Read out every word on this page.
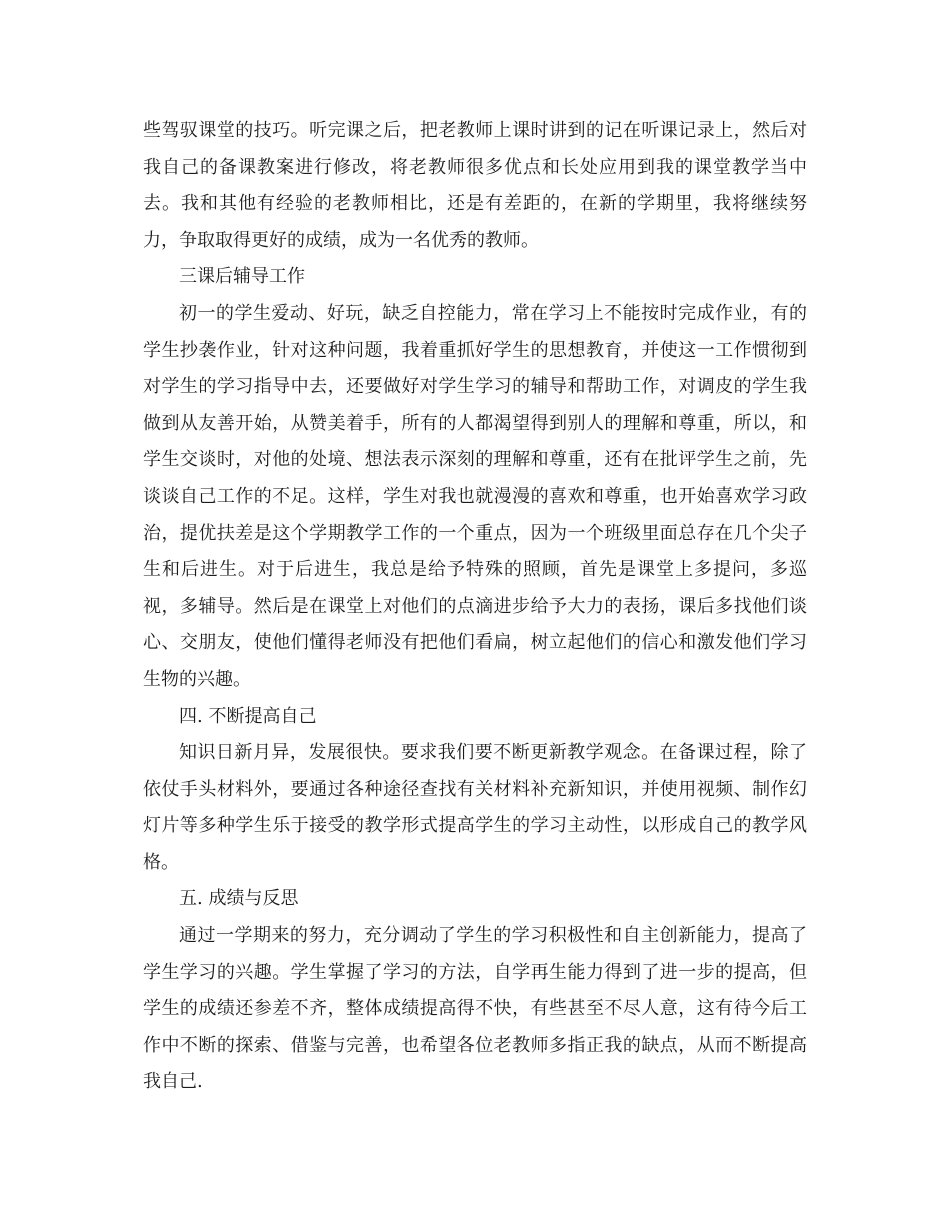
些驾驭课堂的技巧。听完课之后，把老教师上课时讲到的记在听课记录上，然后对我自己的备课教案进行修改，将老教师很多优点和长处应用到我的课堂教学当中去。我和其他有经验的老教师相比，还是有差距的，在新的学期里，我将继续努力，争取取得更好的成绩，成为一名优秀的教师。

三课后辅导工作

初一的学生爱动、好玩，缺乏自控能力，常在学习上不能按时完成作业，有的学生抄袭作业，针对这种问题，我着重抓好学生的思想教育，并使这一工作惯彻到对学生的学习指导中去，还要做好对学生学习的辅导和帮助工作，对调皮的学生我做到从友善开始，从赞美着手，所有的人都渴望得到别人的理解和尊重，所以，和学生交谈时，对他的处境、想法表示深刻的理解和尊重，还有在批评学生之前，先谈谈自己工作的不足。这样，学生对我也就漫漫的喜欢和尊重，也开始喜欢学习政治，提优扶差是这个学期教学工作的一个重点，因为一个班级里面总存在几个尖子生和后进生。对于后进生，我总是给予特殊的照顾，首先是课堂上多提问，多巡视，多辅导。然后是在课堂上对他们的点滴进步给予大力的表扬，课后多找他们谈心、交朋友，使他们懂得老师没有把他们看扁，树立起他们的信心和激发他们学习生物的兴趣。

四. 不断提高自己

知识日新月异，发展很快。要求我们要不断更新教学观念。在备课过程，除了依仗手头材料外，要通过各种途径查找有关材料补充新知识，并使用视频、制作幻灯片等多种学生乐于接受的教学形式提高学生的学习主动性，以形成自己的教学风格。

五. 成绩与反思

通过一学期来的努力，充分调动了学生的学习积极性和自主创新能力，提高了学生学习的兴趣。学生掌握了学习的方法，自学再生能力得到了进一步的提高，但学生的成绩还参差不齐，整体成绩提高得不快，有些甚至不尽人意，这有待今后工作中不断的探索、借鉴与完善，也希望各位老教师多指正我的缺点，从而不断提高我自己.
